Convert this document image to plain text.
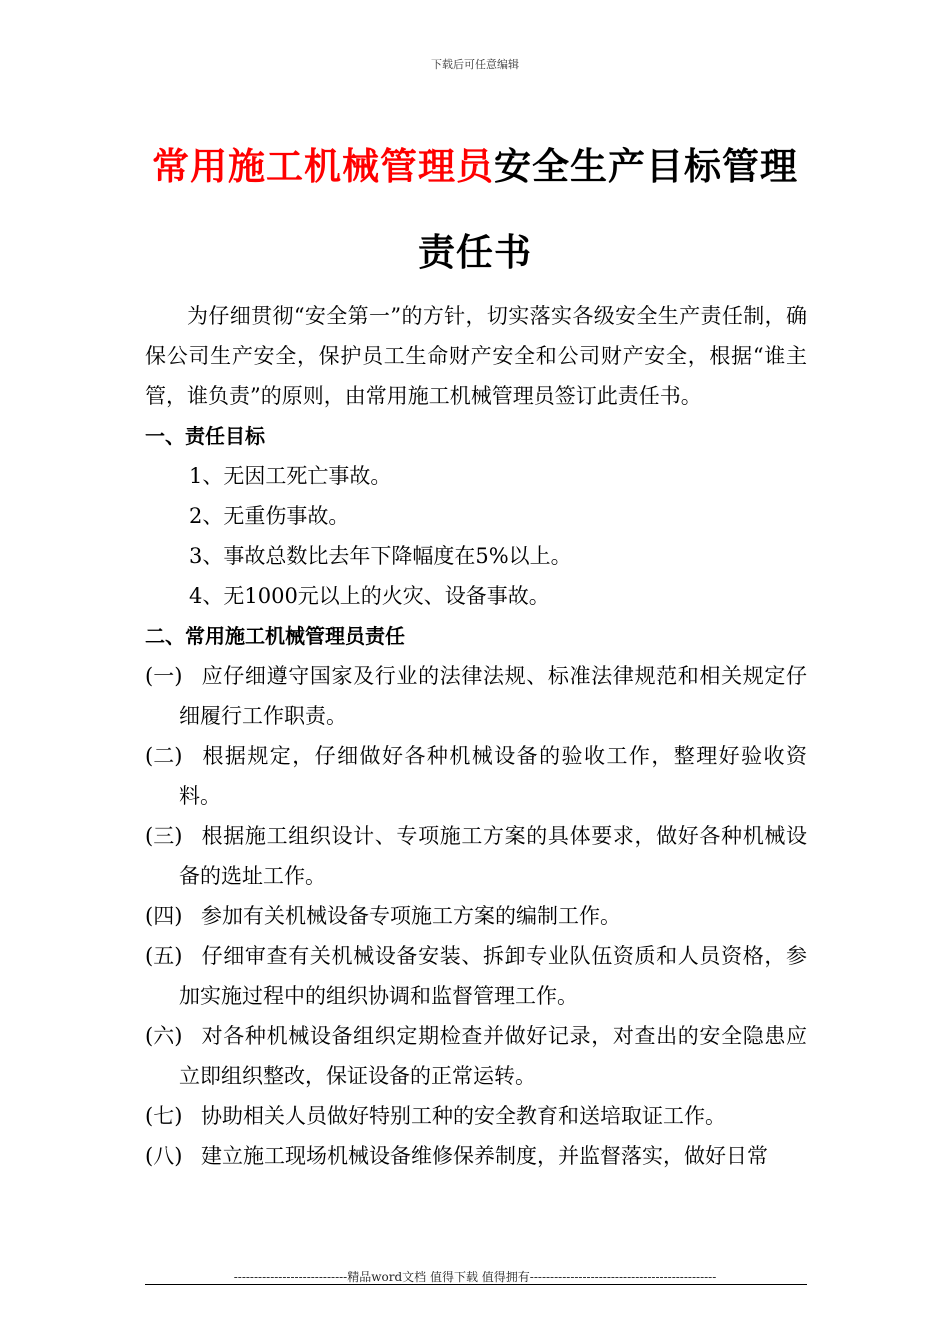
下载后可任意编辑
常用施工机械管理员安全生产目标管理
责任书

为仔细贯彻“安全第一”的方针，切实落实各级安全生产责任制，确保公司生产安全，保护员工生命财产安全和公司财产安全，根据“谁主管，谁负责”的原则，由常用施工机械管理员签订此责任书。

一、责任目标

1、无因工死亡事故。

2、无重伤事故。

3、事故总数比去年下降幅度在5%以上。

4、无1000元以上的火灾、设备事故。

二、常用施工机械管理员责任

(一) 应仔细遵守国家及行业的法律法规、标准法律规范和相关规定仔细履行工作职责。

(二) 根据规定，仔细做好各种机械设备的验收工作，整理好验收资料。

(三) 根据施工组织设计、专项施工方案的具体要求，做好各种机械设备的选址工作。

(四) 参加有关机械设备专项施工方案的编制工作。

(五) 仔细审查有关机械设备安装、拆卸专业队伍资质和人员资格，参加实施过程中的组织协调和监督管理工作。

(六) 对各种机械设备组织定期检查并做好记录，对查出的安全隐患应立即组织整改，保证设备的正常运转。

(七) 协助相关人员做好特别工种的安全教育和送培取证工作。

(八) 建立施工现场机械设备维修保养制度，并监督落实，做好日常

----------------------------精品word文档 值得下载 值得拥有----------------------------------------------
